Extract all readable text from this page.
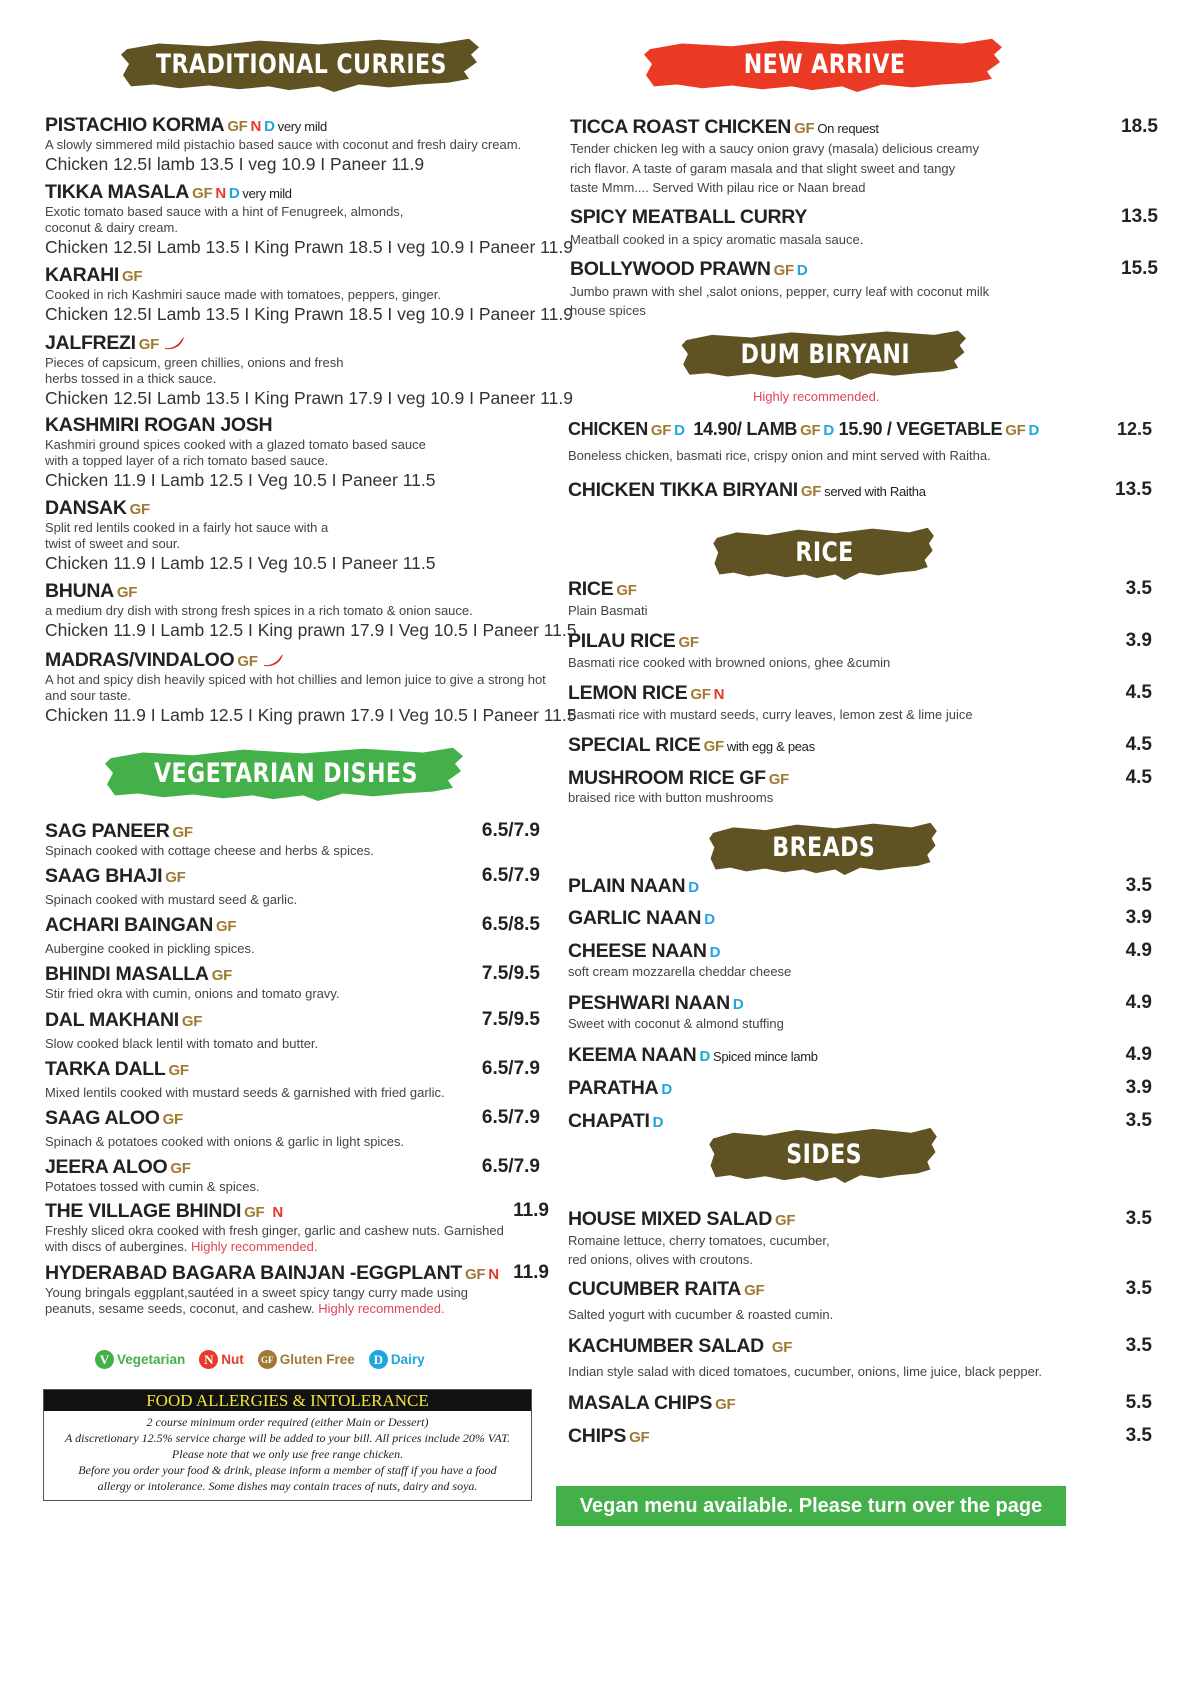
TRADITIONAL CURRIES
PISTACHIO KORMA GF N D very mild
A slowly simmered mild pistachio based sauce with coconut and fresh dairy cream.
Chicken 12.5I lamb 13.5 I veg 10.9 I Paneer 11.9
TIKKA MASALA GF N D very mild
Exotic tomato based sauce with a hint of Fenugreek, almonds,
coconut & dairy cream.
Chicken 12.5I Lamb 13.5 I King Prawn 18.5 I veg 10.9 I Paneer 11.9
KARAHI GF
Cooked in rich Kashmiri sauce made with tomatoes, peppers, ginger.
Chicken 12.5I Lamb 13.5 I King Prawn 18.5 I veg 10.9 I Paneer 11.9
JALFREZI GF
Pieces of capsicum, green chillies, onions and fresh
herbs tossed in a thick sauce.
Chicken 12.5I Lamb 13.5 I King Prawn 17.9 I veg 10.9 I Paneer 11.9
KASHMIRI ROGAN JOSH
Kashmiri ground spices cooked with a glazed tomato based sauce
with a topped layer of a rich tomato based sauce.
Chicken 11.9 I Lamb 12.5 I Veg 10.5 I Paneer 11.5
DANSAK GF
Split red lentils cooked in a fairly hot sauce with a
twist of sweet and sour.
Chicken 11.9 I Lamb 12.5 I Veg 10.5 I Paneer 11.5
BHUNA GF
a medium dry dish with strong fresh spices in a rich tomato & onion sauce.
Chicken 11.9 I Lamb 12.5 I King prawn 17.9 I Veg 10.5 I Paneer 11.5
MADRAS/VINDALOO GF
A hot and spicy dish heavily spiced with hot chillies and lemon juice to give a strong hot
and sour taste.
Chicken 11.9 I Lamb 12.5 I King prawn 17.9 I Veg 10.5 I Paneer 11.5
VEGETARIAN DISHES
SAG PANEER GF
Spinach cooked with cottage cheese and herbs & spices.
6.5/7.9
SAAG BHAJI GF
Spinach cooked with mustard seed & garlic.
6.5/7.9
ACHARI BAINGAN GF
Aubergine cooked in pickling spices.
6.5/8.5
BHINDI MASALLA GF
Stir fried okra with cumin, onions and tomato gravy.
7.5/9.5
DAL MAKHANI GF
Slow cooked black lentil with tomato and butter.
7.5/9.5
TARKA DALL GF
Mixed lentils cooked with mustard seeds & garnished with fried garlic.
6.5/7.9
SAAG ALOO GF
Spinach & potatoes cooked with onions & garlic in light spices.
6.5/7.9
JEERA ALOO GF
Potatoes tossed with cumin & spices.
6.5/7.9
THE VILLAGE BHINDI GF N
Freshly sliced okra cooked with fresh ginger, garlic and cashew nuts. Garnished with discs of aubergines. Highly recommended.
11.9
HYDERABAD BAGARA BAINJAN -EGGPLANT GF N
Young bringals eggplant,sautéed in a sweet spicy tangy curry made using peanuts, sesame seeds, coconut, and cashew. Highly recommended.
11.9
V Vegetarian	N Nut	GF Gluten Free	D Dairy
FOOD ALLERGIES & INTOLERANCE
2 course minimum order required (either Main or Dessert)
A discretionary 12.5% service charge will be added to your bill. All prices include 20% VAT.
Please note that we only use free range chicken.
Before you order your food & drink, please inform a member of staff if you have a food
allergy or intolerance. Some dishes may contain traces of nuts, dairy and soya.
NEW ARRIVE
TICCA ROAST CHICKEN GF On request
Tender chicken leg with a saucy onion gravy (masala) delicious creamy
rich flavor. A taste of garam masala and that slight sweet and tangy
taste Mmm.... Served With pilau rice or Naan bread
18.5
SPICY MEATBALL CURRY
Meatball cooked in a spicy aromatic masala sauce.
13.5
BOLLYWOOD PRAWN GF D
Jumbo prawn with shel ,salot onions, pepper, curry leaf with coconut milk
house spices
15.5
DUM BIRYANI
Highly recommended.
CHICKEN GF D 14.90/ LAMB GF D 15.90 / VEGETABLE GF D
Boneless chicken, basmati rice, crispy onion and mint served with Raitha.
12.5
CHICKEN TIKKA BIRYANI GF served with Raitha	13.5
RICE
RICE GF
Plain Basmati
3.5
PILAU RICE GF
Basmati rice cooked with browned onions, ghee &cumin
3.9
LEMON RICE GF N
Basmati rice with mustard seeds, curry leaves, lemon zest & lime juice
4.5
SPECIAL RICE GF with egg & peas	4.5
MUSHROOM RICE GF GF
braised rice with button mushrooms
4.5
BREADS
PLAIN NAAN D	3.5
GARLIC NAAN D	3.9
CHEESE NAAN D
soft cream mozzarella cheddar cheese
4.9
PESHWARI NAAN D
Sweet with coconut & almond stuffing
4.9
KEEMA NAAN D Spiced mince lamb	4.9
PARATHA D	3.9
CHAPATI D	3.5
SIDES
HOUSE MIXED SALAD GF
Romaine lettuce, cherry tomatoes, cucumber,
red onions, olives with croutons.
3.5
CUCUMBER RAITA GF
Salted yogurt with cucumber & roasted cumin.
3.5
KACHUMBER SALAD GF
Indian style salad with diced tomatoes, cucumber, onions, lime juice, black pepper.
3.5
MASALA CHIPS GF	5.5
CHIPS GF	3.5
Vegan menu available. Please turn over the page
